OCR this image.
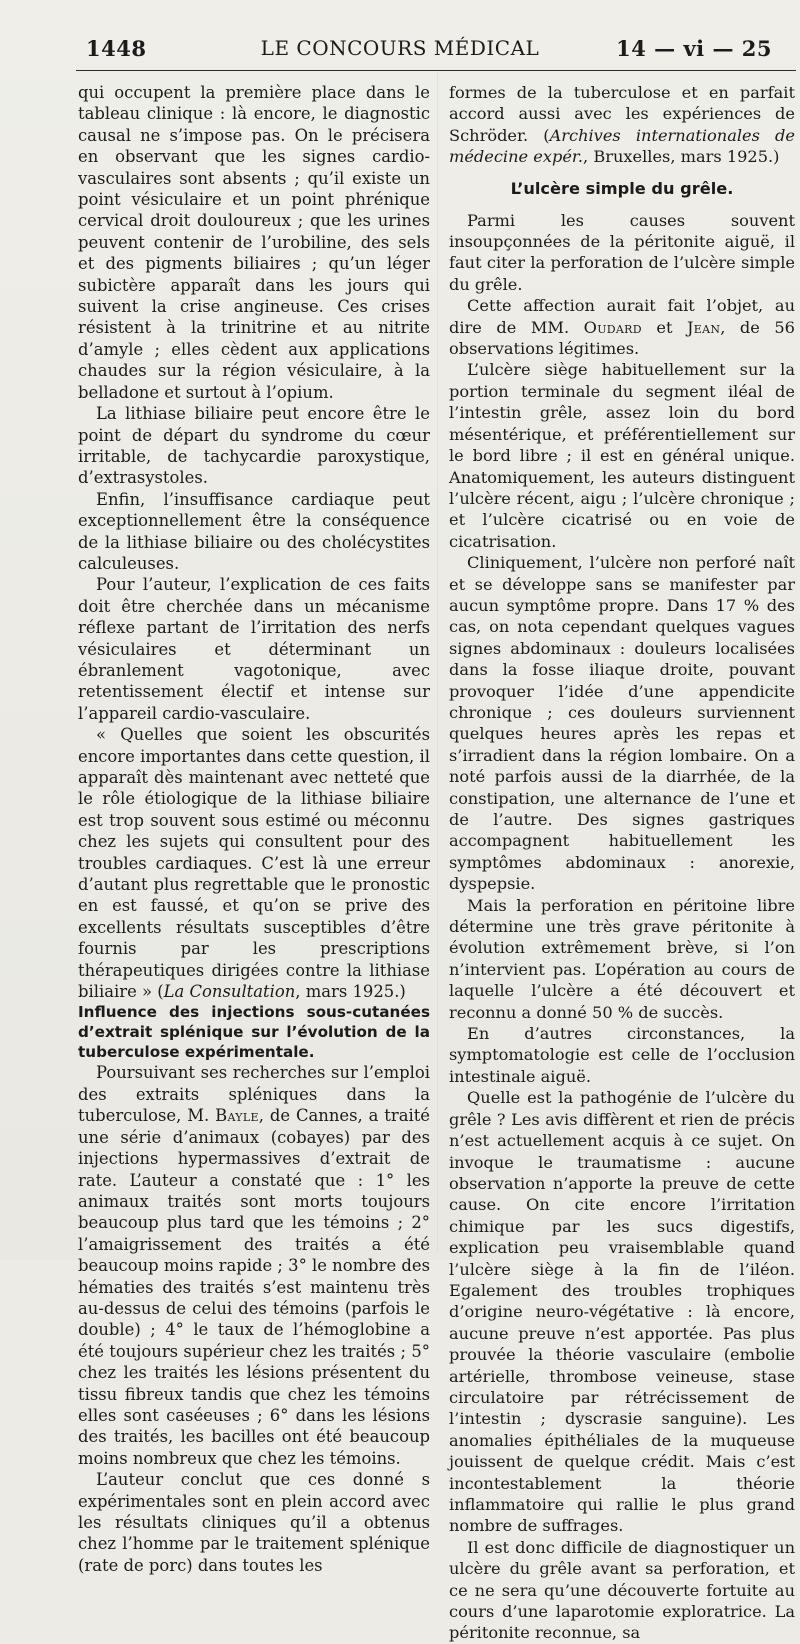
1448	LE CONCOURS MÉDICAL	14 — vi — 25

qui occupent la première place dans le tableau clinique : là encore, le diagnostic causal ne s’impose pas. On le précisera en observant que les signes cardio-vasculaires sont absents ; qu’il existe un point vésiculaire et un point phrénique cervical droit douloureux ; que les urines peuvent contenir de l’urobiline, des sels et des pigments biliaires ; qu’un léger subictère apparaît dans les jours qui suivent la crise angineuse. Ces crises résistent à la trinitrine et au nitrite d’amyle ; elles cèdent aux applications chaudes sur la région vésiculaire, à la belladone et surtout à l’opium.

La lithiase biliaire peut encore être le point de départ du syndrome du cœur irritable, de tachycardie paroxystique, d’extrasystoles.

Enfin, l’insuffisance cardiaque peut exceptionnellement être la conséquence de la lithiase biliaire ou des cholécystites calculeuses.

Pour l’auteur, l’explication de ces faits doit être cherchée dans un mécanisme réflexe partant de l’irritation des nerfs vésiculaires et déterminant un ébranlement vagotonique, avec retentissement électif et intense sur l’appareil cardio-vasculaire.

« Quelles que soient les obscurités encore importantes dans cette question, il apparaît dès maintenant avec netteté que le rôle étiologique de la lithiase biliaire est trop souvent sous estimé ou méconnu chez les sujets qui consultent pour des troubles cardiaques. C’est là une erreur d’autant plus regrettable que le pronostic en est faussé, et qu’on se prive des excellents résultats susceptibles d’être fournis par les prescriptions thérapeutiques dirigées contre la lithiase biliaire » (La Consultation, mars 1925.)

Influence des injections sous-cutanées d’extrait splénique sur l’évolution de la tuberculose expérimentale.

Poursuivant ses recherches sur l’emploi des extraits spléniques dans la tuberculose, M. Bayle, de Cannes, a traité une série d’animaux (cobayes) par des injections hypermassives d’extrait de rate. L’auteur a constaté que : 1° les animaux traités sont morts toujours beaucoup plus tard que les témoins ; 2° l’amaigrissement des traités a été beaucoup moins rapide ; 3° le nombre des hématies des traités s’est maintenu très au-dessus de celui des témoins (parfois le double) ; 4° le taux de l’hémoglobine a été toujours supérieur chez les traités ; 5° chez les traités les lésions présentent du tissu fibreux tandis que chez les témoins elles sont caséeuses ; 6° dans les lésions des traités, les bacilles ont été beaucoup moins nombreux que chez les témoins.

L’auteur conclut que ces donné s expérimentales sont en plein accord avec les résultats cliniques qu’il a obtenus chez l’homme par le traitement splénique (rate de porc) dans toutes les

formes de la tuberculose et en parfait accord aussi avec les expériences de Schröder. (Archives internationales de médecine expér., Bruxelles, mars 1925.)

L’ulcère simple du grêle.

Parmi les causes souvent insoupçonnées de la péritonite aiguë, il faut citer la perforation de l’ulcère simple du grêle.

Cette affection aurait fait l’objet, au dire de MM. Oudard et Jean, de 56 observations légitimes.

L’ulcère siège habituellement sur la portion terminale du segment iléal de l’intestin grêle, assez loin du bord mésentérique, et préférentiellement sur le bord libre ; il est en général unique. Anatomiquement, les auteurs distinguent l’ulcère récent, aigu ; l’ulcère chronique ; et l’ulcère cicatrisé ou en voie de cicatrisation.

Cliniquement, l’ulcère non perforé naît et se développe sans se manifester par aucun symptôme propre. Dans 17 % des cas, on nota cependant quelques vagues signes abdominaux : douleurs localisées dans la fosse iliaque droite, pouvant provoquer l’idée d’une appendicite chronique ; ces douleurs surviennent quelques heures après les repas et s’irradient dans la région lombaire. On a noté parfois aussi de la diarrhée, de la constipation, une alternance de l’une et de l’autre. Des signes gastriques accompagnent habituellement les symptômes abdominaux : anorexie, dyspepsie.

Mais la perforation en péritoine libre détermine une très grave péritonite à évolution extrêmement brève, si l’on n’intervient pas. L’opération au cours de laquelle l’ulcère a été découvert et reconnu a donné 50 % de succès.

En d’autres circonstances, la symptomatologie est celle de l’occlusion intestinale aiguë.

Quelle est la pathogénie de l’ulcère du grêle ? Les avis diffèrent et rien de précis n’est actuellement acquis à ce sujet. On invoque le traumatisme : aucune observation n’apporte la preuve de cette cause. On cite encore l’irritation chimique par les sucs digestifs, explication peu vraisemblable quand l’ulcère siège à la fin de l’iléon. Egalement des troubles trophiques d’origine neuro-végétative : là encore, aucune preuve n’est apportée. Pas plus prouvée la théorie vasculaire (embolie artérielle, thrombose veineuse, stase circulatoire par rétrécissement de l’intestin ; dyscrasie sanguine). Les anomalies épithéliales de la muqueuse jouissent de quelque crédit. Mais c’est incontestablement la théorie inflammatoire qui rallie le plus grand nombre de suffrages.

Il est donc difficile de diagnostiquer un ulcère du grêle avant sa perforation, et ce ne sera qu’une découverte fortuite au cours d’une laparotomie exploratrice. La péritonite reconnue, sa
